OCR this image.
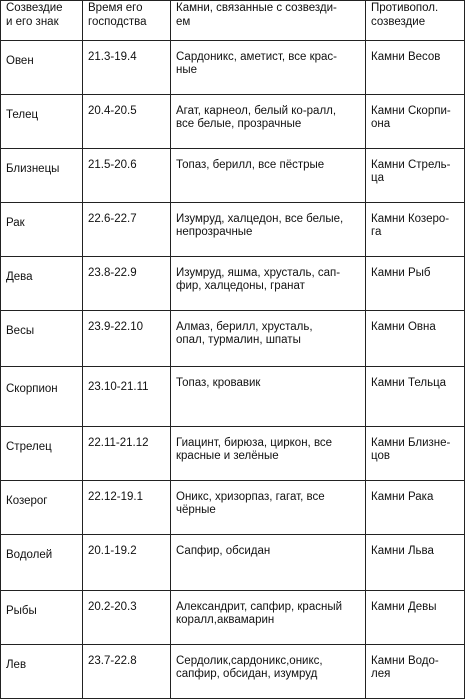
Созвездие
и его знак	Время его
господства	Камни, связанные с созвезди-
ем	Противопол.
созвездие

Овен	21.3-19.4	Сардоникс, аметист, все крас-
ные	Камни Весов

Телец	20.4-20.5	Агат, карнеол, белый ко-ралл,
все белые, прозрачные	Камни Скорпи-
она

Близнецы	21.5-20.6	Топаз, берилл, все пёстрые	Камни Стрель-
ца

Рак	22.6-22.7	Изумруд, халцедон, все белые,
непрозрачные	Камни Козеро-
га

Дева	23.8-22.9	Изумруд, яшма, хрусталь, сап-
фир, халцедоны, гранат	Камни Рыб

Весы	23.9-22.10	Алмаз, берилл, хрусталь,
опал, турмалин, шпаты	Камни Овна

Скорпион	23.10-21.11	Топаз, кровавик	Камни Тельца

Стрелец	22.11-21.12	Гиацинт, бирюза, циркон, все
красные и зелёные	Камни Близне-
цов

Козерог	22.12-19.1	Оникс, хризорпаз, гагат, все
чёрные	Камни Рака

Водолей	20.1-19.2	Сапфир, обсидан	Камни Льва

Рыбы	20.2-20.3	Александрит, сапфир, красный
коралл,аквамарин	Камни Девы

Лев	23.7-22.8	Сердолик,сардоникс,оникс,
сапфир, обсидан, изумруд	Камни Водо-
лея
